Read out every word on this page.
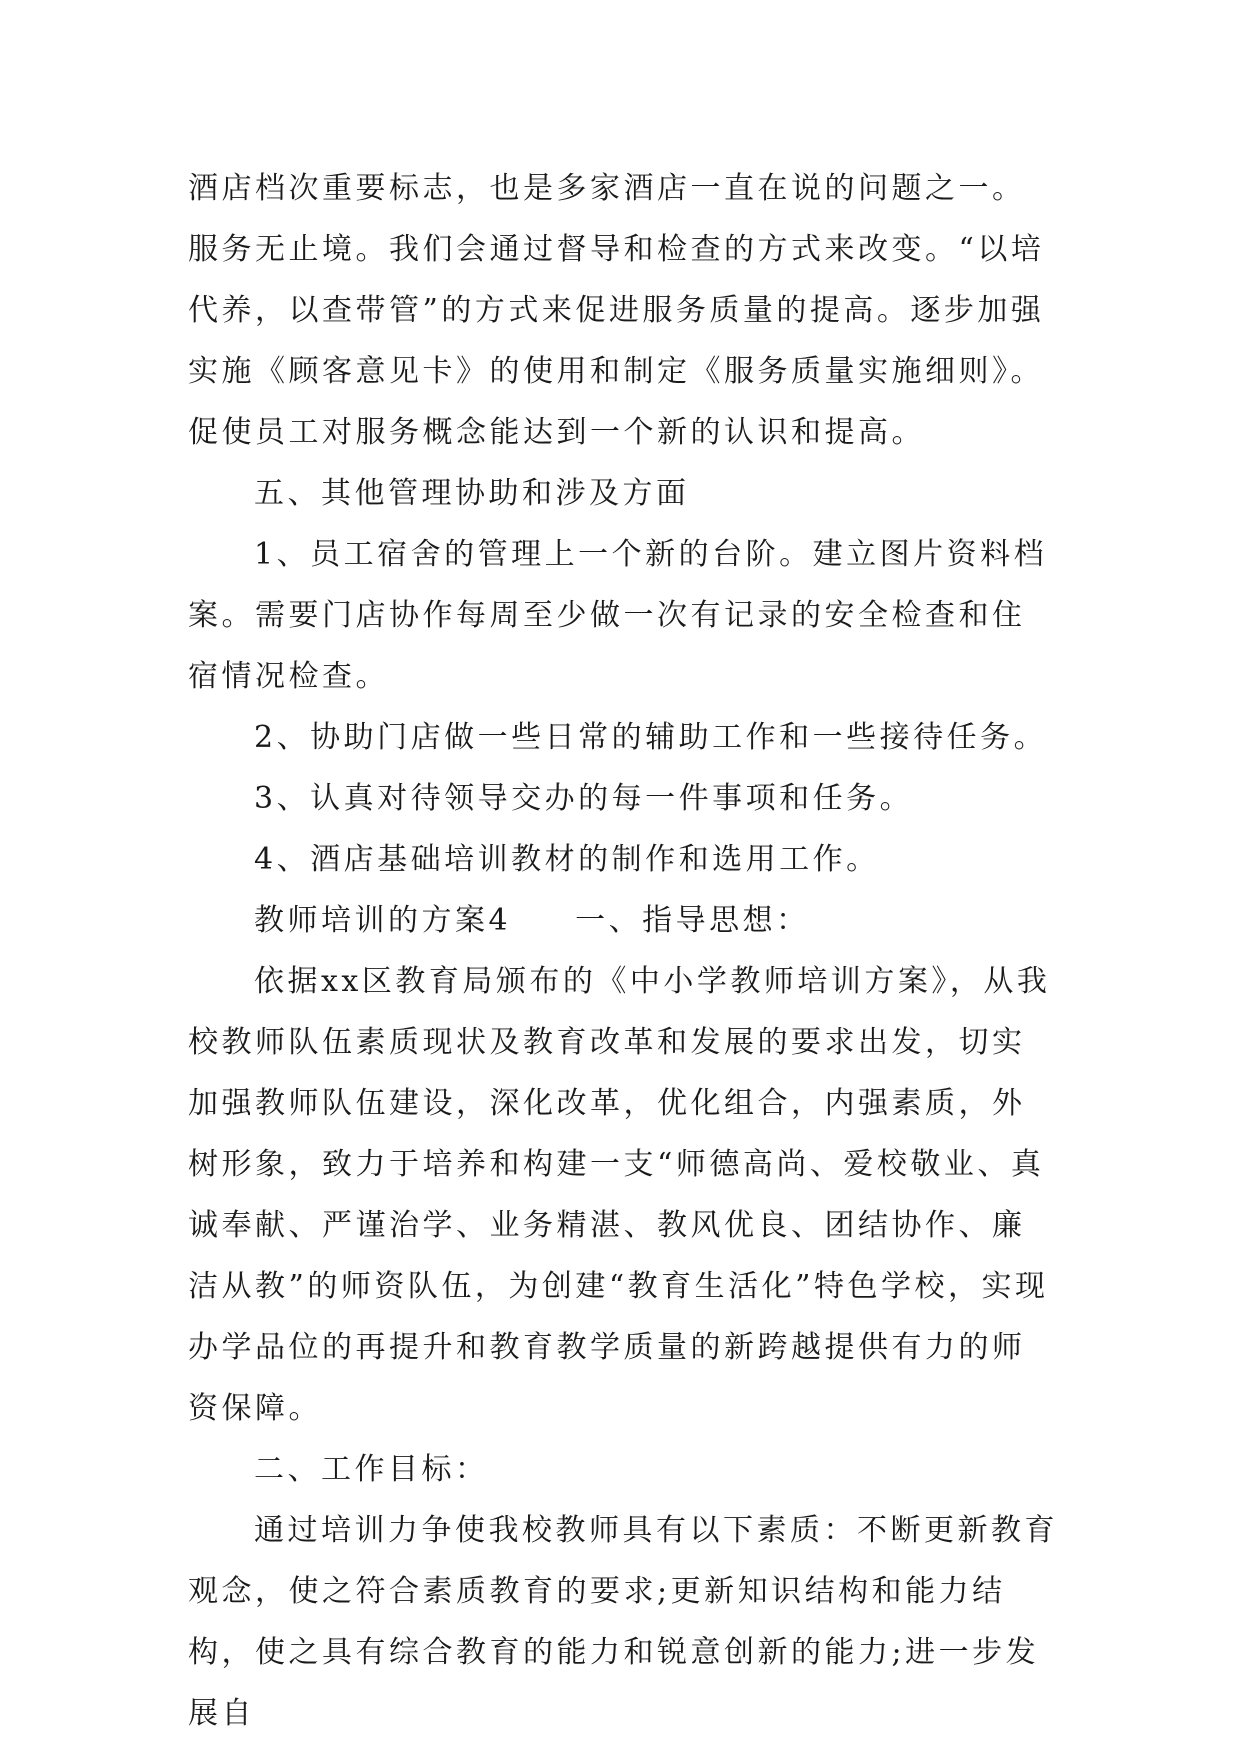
酒店档次重要标志，也是多家酒店一直在说的问题之一。服务无止境。我们会通过督导和检查的方式来改变。“以培代养，以查带管”的方式来促进服务质量的提高。逐步加强实施《顾客意见卡》的使用和制定《服务质量实施细则》。促使员工对服务概念能达到一个新的认识和提高。

五、其他管理协助和涉及方面

1、员工宿舍的管理上一个新的台阶。建立图片资料档案。需要门店协作每周至少做一次有记录的安全检查和住宿情况检查。

2、协助门店做一些日常的辅助工作和一些接待任务。

3、认真对待领导交办的每一件事项和任务。

4、酒店基础培训教材的制作和选用工作。

教师培训的方案4 一、指导思想：

依据xx区教育局颁布的《中小学教师培训方案》，从我校教师队伍素质现状及教育改革和发展的要求出发，切实加强教师队伍建设，深化改革，优化组合，内强素质，外树形象，致力于培养和构建一支“师德高尚、爱校敬业、真诚奉献、严谨治学、业务精湛、教风优良、团结协作、廉洁从教”的师资队伍，为创建“教育生活化”特色学校，实现办学品位的再提升和教育教学质量的新跨越提供有力的师资保障。

二、工作目标：

通过培训力争使我校教师具有以下素质：不断更新教育观念，使之符合素质教育的要求;更新知识结构和能力结构，使之具有综合教育的能力和锐意创新的能力;进一步发展自
